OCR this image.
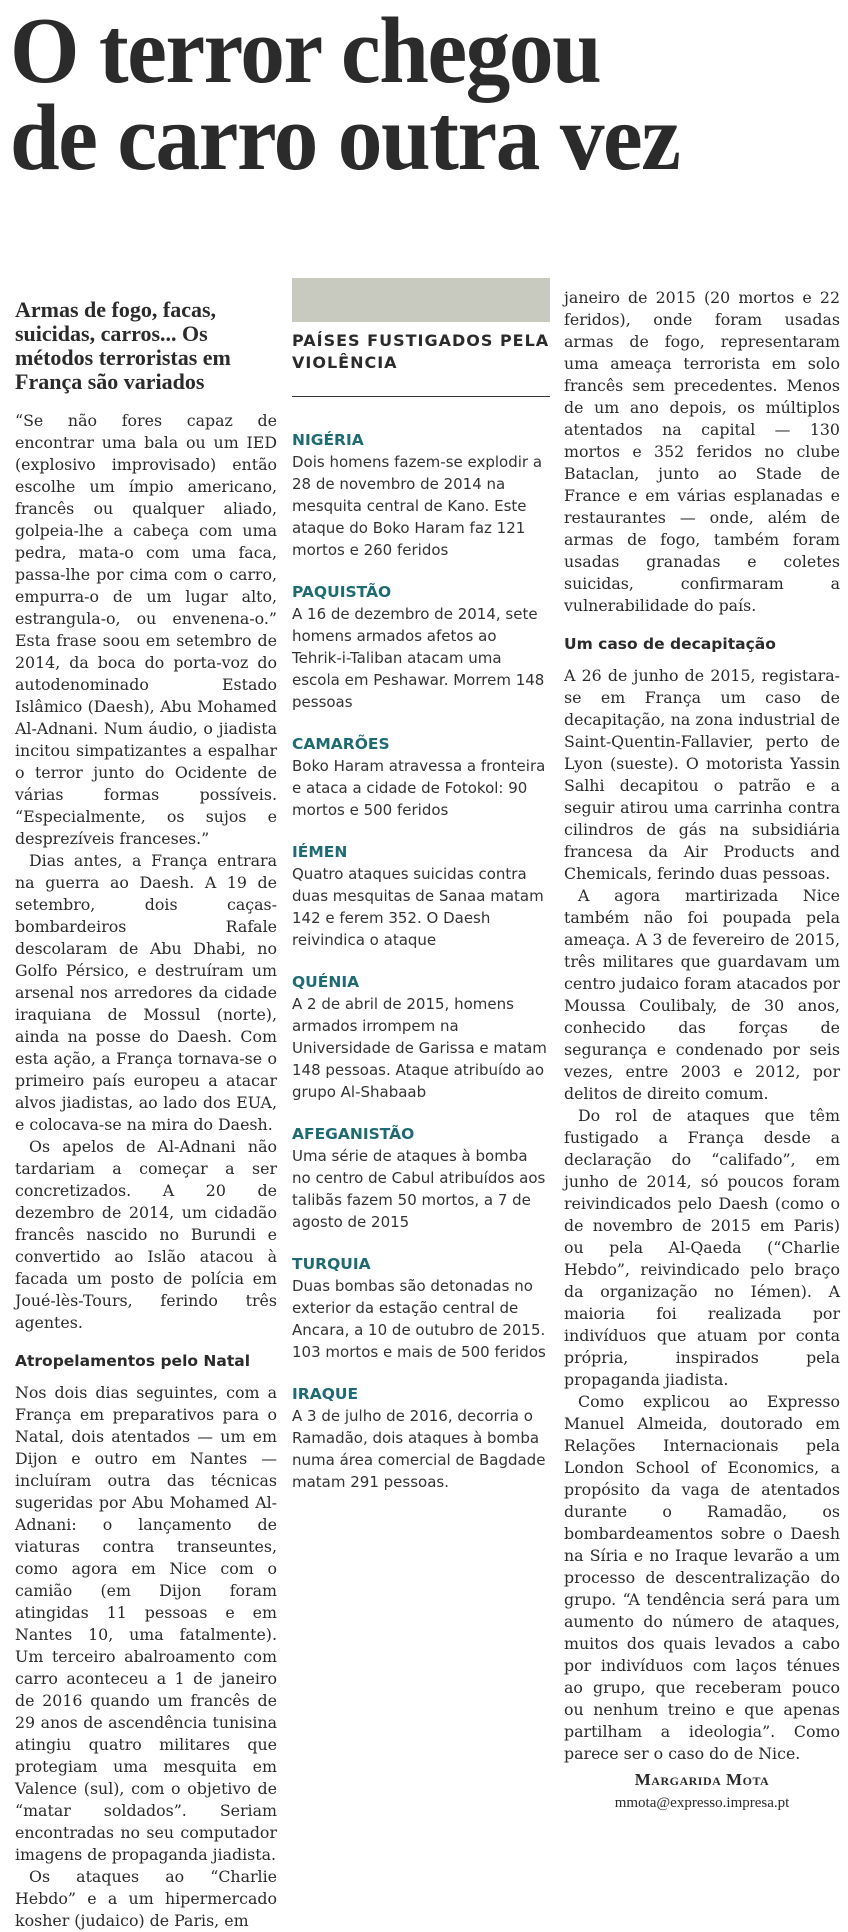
O terror chegou
de carro outra vez

Armas de fogo, facas, suicidas, carros... Os métodos terroristas em França são variados

“Se não fores capaz de encontrar uma bala ou um IED (explosivo improvisado) então escolhe um ímpio americano, francês ou qualquer aliado, golpeia-lhe a cabeça com uma pedra, mata-o com uma faca, passa-lhe por cima com o carro, empurra-o de um lugar alto, estrangula-o, ou envenena-o.” Esta frase soou em setembro de 2014, da boca do porta-voz do autodenominado Estado Islâmico (Daesh), Abu Mohamed Al-Adnani. Num áudio, o jiadista incitou simpatizantes a espalhar o terror junto do Ocidente de várias formas possíveis. “Especialmente, os sujos e desprezíveis franceses.”

Dias antes, a França entrara na guerra ao Daesh. A 19 de setembro, dois caças-bombardeiros Rafale descolaram de Abu Dhabi, no Golfo Pérsico, e destruíram um arsenal nos arredores da cidade iraquiana de Mossul (norte), ainda na posse do Daesh. Com esta ação, a França tornava-se o primeiro país europeu a atacar alvos jiadistas, ao lado dos EUA, e colocava-se na mira do Daesh.

Os apelos de Al-Adnani não tardariam a começar a ser concretizados. A 20 de dezembro de 2014, um cidadão francês nascido no Burundi e convertido ao Islão atacou à facada um posto de polícia em Joué-lès-Tours, ferindo três agentes.

Atropelamentos pelo Natal

Nos dois dias seguintes, com a França em preparativos para o Natal, dois atentados — um em Dijon e outro em Nantes — incluíram outra das técnicas sugeridas por Abu Mohamed Al-Adnani: o lançamento de viaturas contra transeuntes, como agora em Nice com o camião (em Dijon foram atingidas 11 pessoas e em Nantes 10, uma fatalmente). Um terceiro abalroamento com carro aconteceu a 1 de janeiro de 2016 quando um francês de 29 anos de ascendência tunisina atingiu quatro militares que protegiam uma mesquita em Valence (sul), com o objetivo de “matar soldados”. Seriam encontradas no seu computador imagens de propaganda jiadista.

Os ataques ao “Charlie Hebdo” e a um hipermercado kosher (judaico) de Paris, em

PAÍSES FUSTIGADOS PELA VIOLÊNCIA

NIGÉRIA

Dois homens fazem-se explodir a 28 de novembro de 2014 na mesquita central de Kano. Este ataque do Boko Haram faz 121 mortos e 260 feridos

PAQUISTÃO

A 16 de dezembro de 2014, sete homens armados afetos ao Tehrik-i-Taliban atacam uma escola em Peshawar. Morrem 148 pessoas

CAMARÕES

Boko Haram atravessa a fronteira e ataca a cidade de Fotokol: 90 mortos e 500 feridos

IÉMEN

Quatro ataques suicidas contra duas mesquitas de Sanaa matam 142 e ferem 352. O Daesh reivindica o ataque

QUÉNIA

A 2 de abril de 2015, homens armados irrompem na Universidade de Garissa e matam 148 pessoas. Ataque atribuído ao grupo Al-Shabaab

AFEGANISTÃO

Uma série de ataques à bomba no centro de Cabul atribuídos aos talibãs fazem 50 mortos, a 7 de agosto de 2015

TURQUIA

Duas bombas são detonadas no exterior da estação central de Ancara, a 10 de outubro de 2015. 103 mortos e mais de 500 feridos

IRAQUE

A 3 de julho de 2016, decorria o Ramadão, dois ataques à bomba numa área comercial de Bagdade matam 291 pessoas.

janeiro de 2015 (20 mortos e 22 feridos), onde foram usadas armas de fogo, representaram uma ameaça terrorista em solo francês sem precedentes. Menos de um ano depois, os múltiplos atentados na capital — 130 mortos e 352 feridos no clube Bataclan, junto ao Stade de France e em várias esplanadas e restaurantes — onde, além de armas de fogo, também foram usadas granadas e coletes suicidas, confirmaram a vulnerabilidade do país.

Um caso de decapitação

A 26 de junho de 2015, registara-se em França um caso de decapitação, na zona industrial de Saint-Quentin-Fallavier, perto de Lyon (sueste). O motorista Yassin Salhi decapitou o patrão e a seguir atirou uma carrinha contra cilindros de gás na subsidiária francesa da Air Products and Chemicals, ferindo duas pessoas.

A agora martirizada Nice também não foi poupada pela ameaça. A 3 de fevereiro de 2015, três militares que guardavam um centro judaico foram atacados por Moussa Coulibaly, de 30 anos, conhecido das forças de segurança e condenado por seis vezes, entre 2003 e 2012, por delitos de direito comum.

Do rol de ataques que têm fustigado a França desde a declaração do “califado”, em junho de 2014, só poucos foram reivindicados pelo Daesh (como o de novembro de 2015 em Paris) ou pela Al-Qaeda (“Charlie Hebdo”, reivindicado pelo braço da organização no Iémen). A maioria foi realizada por indivíduos que atuam por conta própria, inspirados pela propaganda jiadista.

Como explicou ao Expresso Manuel Almeida, doutorado em Relações Internacionais pela London School of Economics, a propósito da vaga de atentados durante o Ramadão, os bombardeamentos sobre o Daesh na Síria e no Iraque levarão a um processo de descentralização do grupo. “A tendência será para um aumento do número de ataques, muitos dos quais levados a cabo por indivíduos com laços ténues ao grupo, que receberam pouco ou nenhum treino e que apenas partilham a ideologia”. Como parece ser o caso do de Nice.

Margarida Mota

mmota@expresso.impresa.pt
